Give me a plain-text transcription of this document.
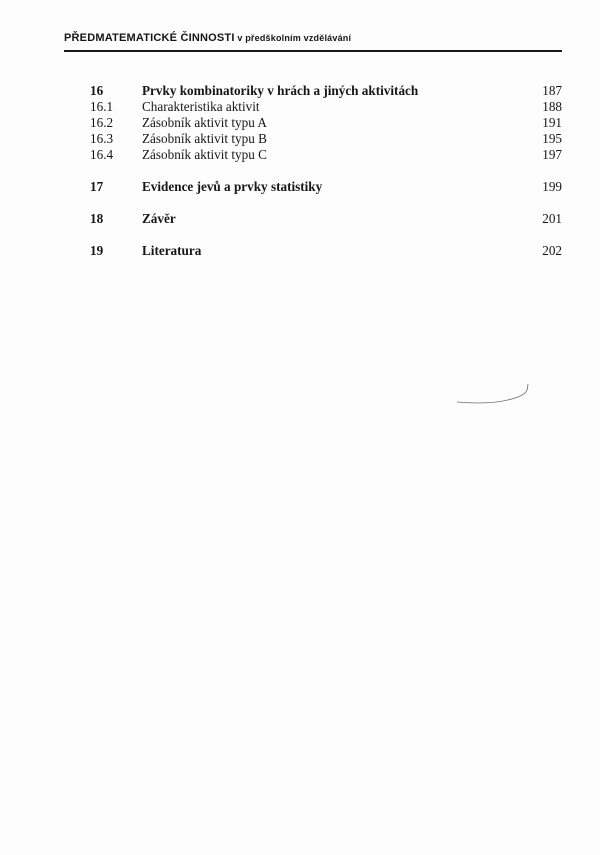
PŘEDMATEMATICKÉ ČINNOSTI v předškolním vzdělávání
16	Prvky kombinatoriky v hrách a jiných aktivitách	187
16.1 Charakteristika aktivit	188
16.2 Zásobník aktivit typu A	191
16.3 Zásobník aktivit typu B	195
16.4 Zásobník aktivit typu C	197
17	Evidence jevů a prvky statistiky	199
18	Závěr	201
19	Literatura	202
